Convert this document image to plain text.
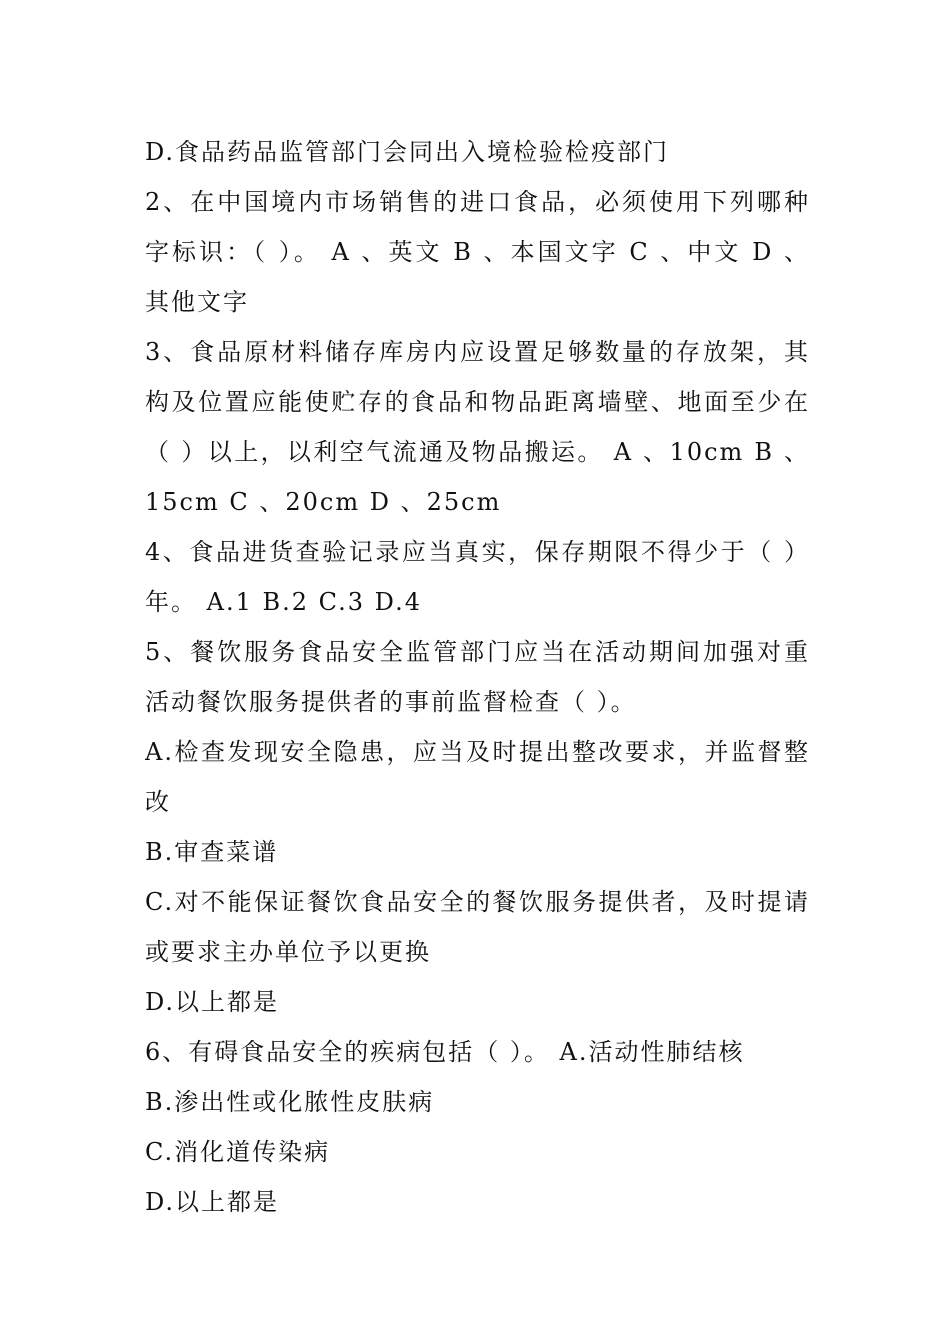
D.食品药品监管部门会同出入境检验检疫部门
2、在中国境内市场销售的进口食品，必须使用下列哪种
字标识：（ ）。 A 、英文 B 、本国文字 C 、中文 D 、
其他文字
3、食品原材料储存库房内应设置足够数量的存放架，其
构及位置应能使贮存的食品和物品距离墙壁、地面至少在
（ ）以上，以利空气流通及物品搬运。 A 、10cm B 、
15cm C 、20cm D 、25cm
4、食品进货查验记录应当真实，保存期限不得少于（ ）
年。 A.1 B.2 C.3 D.4
5、餐饮服务食品安全监管部门应当在活动期间加强对重
活动餐饮服务提供者的事前监督检查（ ）。
A.检查发现安全隐患，应当及时提出整改要求，并监督整
改
B.审查菜谱
C.对不能保证餐饮食品安全的餐饮服务提供者，及时提请
或要求主办单位予以更换
D.以上都是
6、有碍食品安全的疾病包括（ ）。 A.活动性肺结核
B.渗出性或化脓性皮肤病
C.消化道传染病
D.以上都是
